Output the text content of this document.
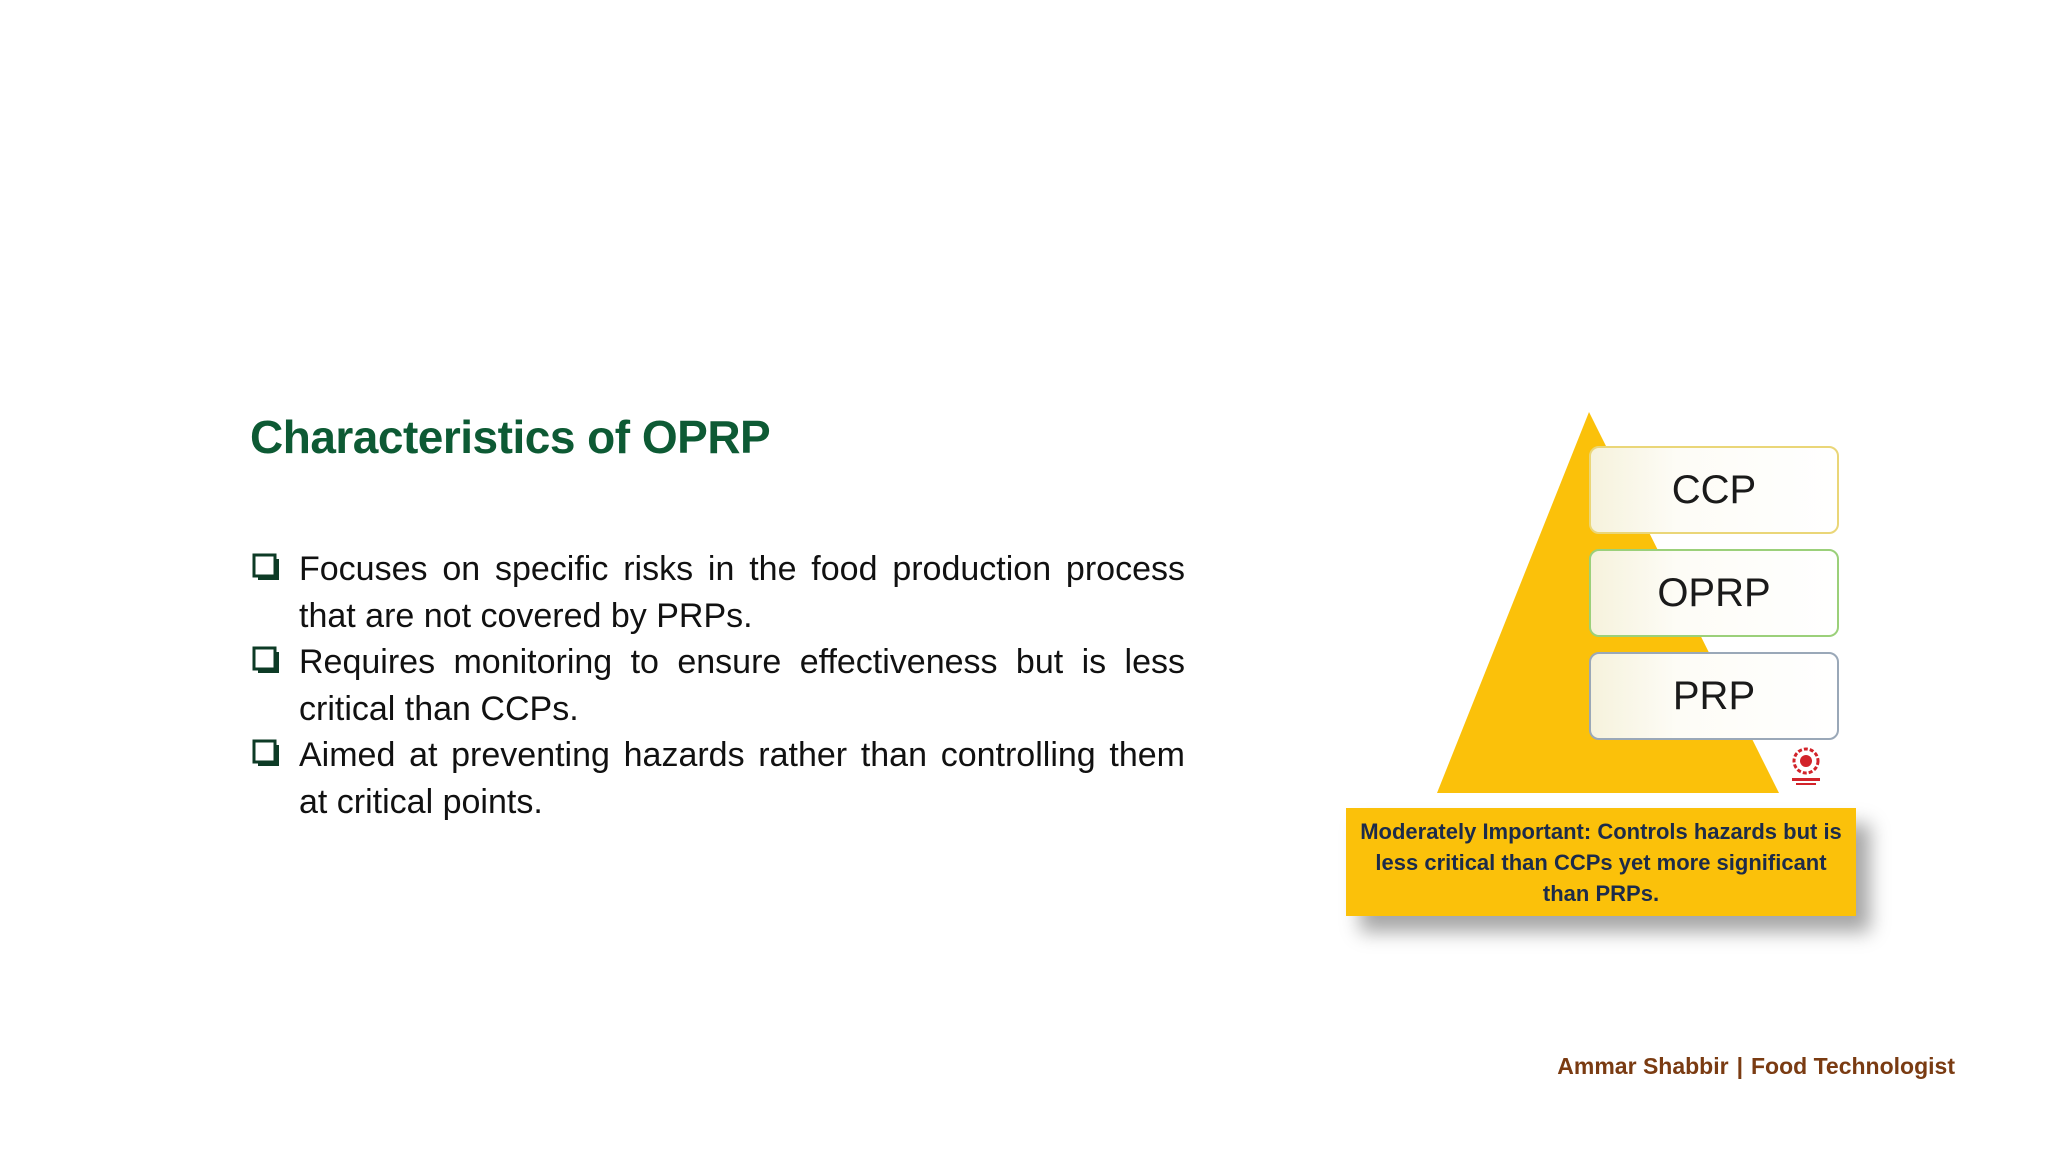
Characteristics of OPRP
Focuses on specific risks in the food production process that are not covered by PRPs.
Requires monitoring to ensure effectiveness but is less critical than CCPs.
Aimed at preventing hazards rather than controlling them at critical points.
CCP
OPRP
PRP
Moderately Important: Controls hazards but is less critical than CCPs yet more significant than PRPs.
Ammar Shabbir | Food Technologist
